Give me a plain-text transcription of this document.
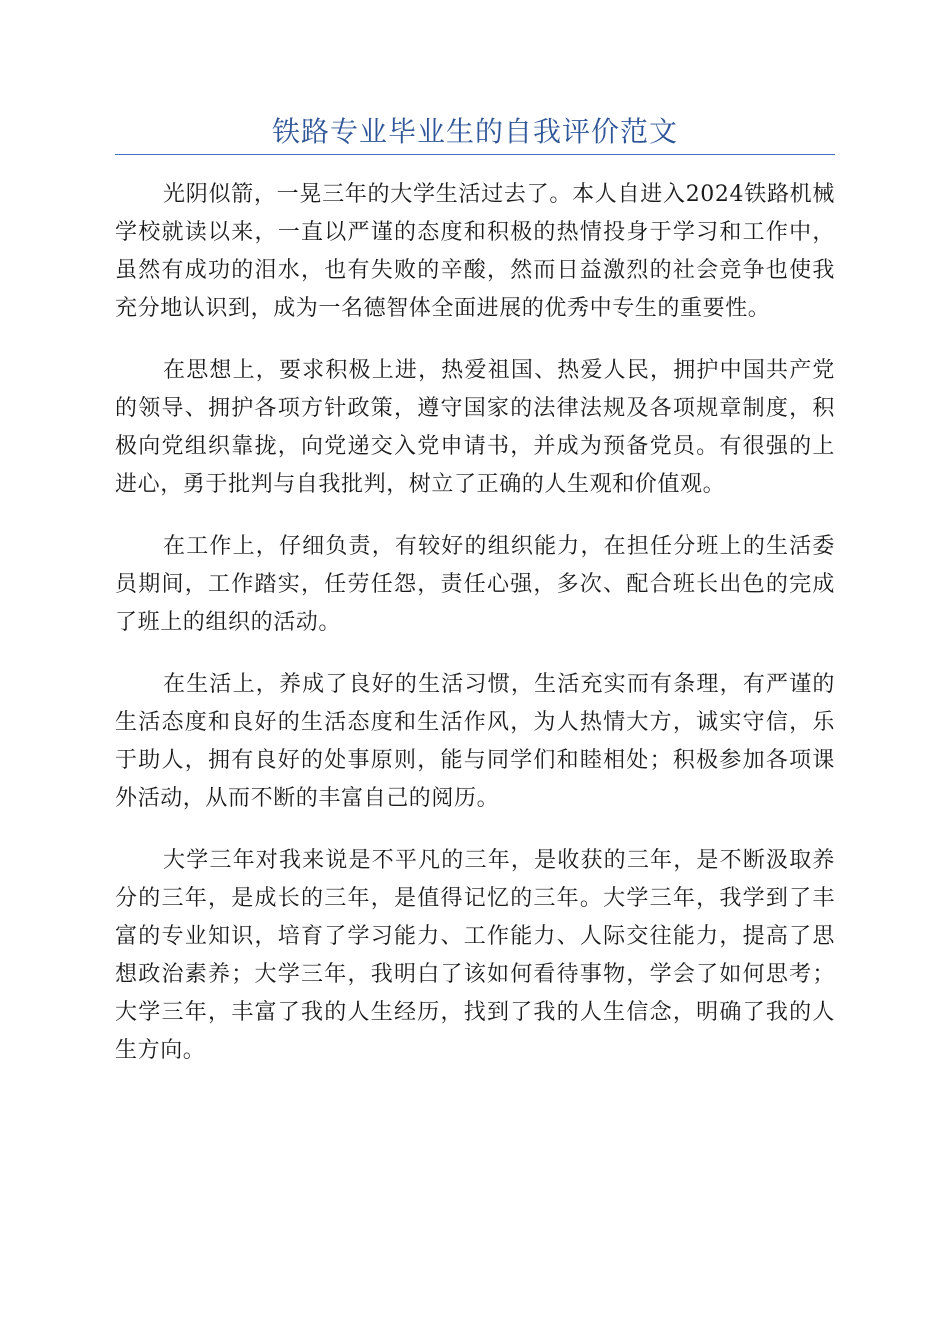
铁路专业毕业生的自我评价范文

光阴似箭，一晃三年的大学生活过去了。本人自进入2024铁路机械学校就读以来，一直以严谨的态度和积极的热情投身于学习和工作中，虽然有成功的泪水，也有失败的辛酸，然而日益激烈的社会竞争也使我充分地认识到，成为一名德智体全面进展的优秀中专生的重要性。

在思想上，要求积极上进，热爱祖国、热爱人民，拥护中国共产党的领导、拥护各项方针政策，遵守国家的法律法规及各项规章制度，积极向党组织靠拢，向党递交入党申请书，并成为预备党员。有很强的上进心，勇于批判与自我批判，树立了正确的人生观和价值观。

在工作上，仔细负责，有较好的组织能力，在担任分班上的生活委员期间，工作踏实，任劳任怨，责任心强，多次、配合班长出色的完成了班上的组织的活动。

在生活上，养成了良好的生活习惯，生活充实而有条理，有严谨的生活态度和良好的生活态度和生活作风，为人热情大方，诚实守信，乐于助人，拥有良好的处事原则，能与同学们和睦相处；积极参加各项课外活动，从而不断的丰富自己的阅历。

大学三年对我来说是不平凡的三年，是收获的三年，是不断汲取养分的三年，是成长的三年，是值得记忆的三年。大学三年，我学到了丰富的专业知识，培育了学习能力、工作能力、人际交往能力，提高了思想政治素养；大学三年，我明白了该如何看待事物，学会了如何思考；大学三年，丰富了我的人生经历，找到了我的人生信念，明确了我的人生方向。
